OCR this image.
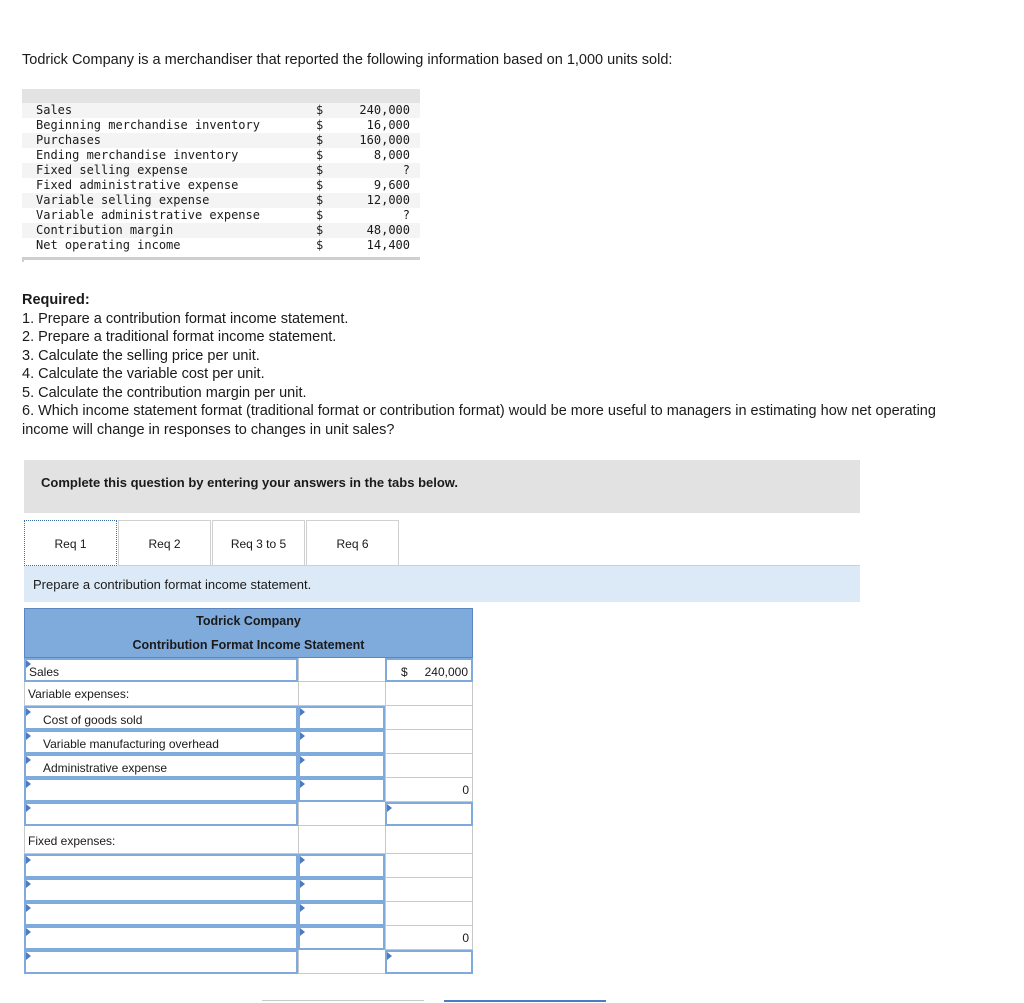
Todrick Company is a merchandiser that reported the following information based on 1,000 units sold:
Sales	$	240,000
Beginning merchandise inventory	$	16,000
Purchases	$	160,000
Ending merchandise inventory	$	8,000
Fixed selling expense	$	?
Fixed administrative expense	$	9,600
Variable selling expense	$	12,000
Variable administrative expense	$	?
Contribution margin	$	48,000
Net operating income	$	14,400

Required:

1. Prepare a contribution format income statement.

2. Prepare a traditional format income statement.

3. Calculate the selling price per unit.

4. Calculate the variable cost per unit.

5. Calculate the contribution margin per unit.

6. Which income statement format (traditional format or contribution format) would be more useful to managers in estimating how net operating income will change in responses to changes in unit sales?

Complete this question by entering your answers in the tabs below.
Req 1	Req 2	Req 3 to 5	Req 6
Prepare a contribution format income statement.
Todrick Company
Contribution Format Income Statement
Sales	$ 240,000
Variable expenses:
Cost of goods sold
Variable manufacturing overhead
Administrative expense
0
Fixed expenses:
0
